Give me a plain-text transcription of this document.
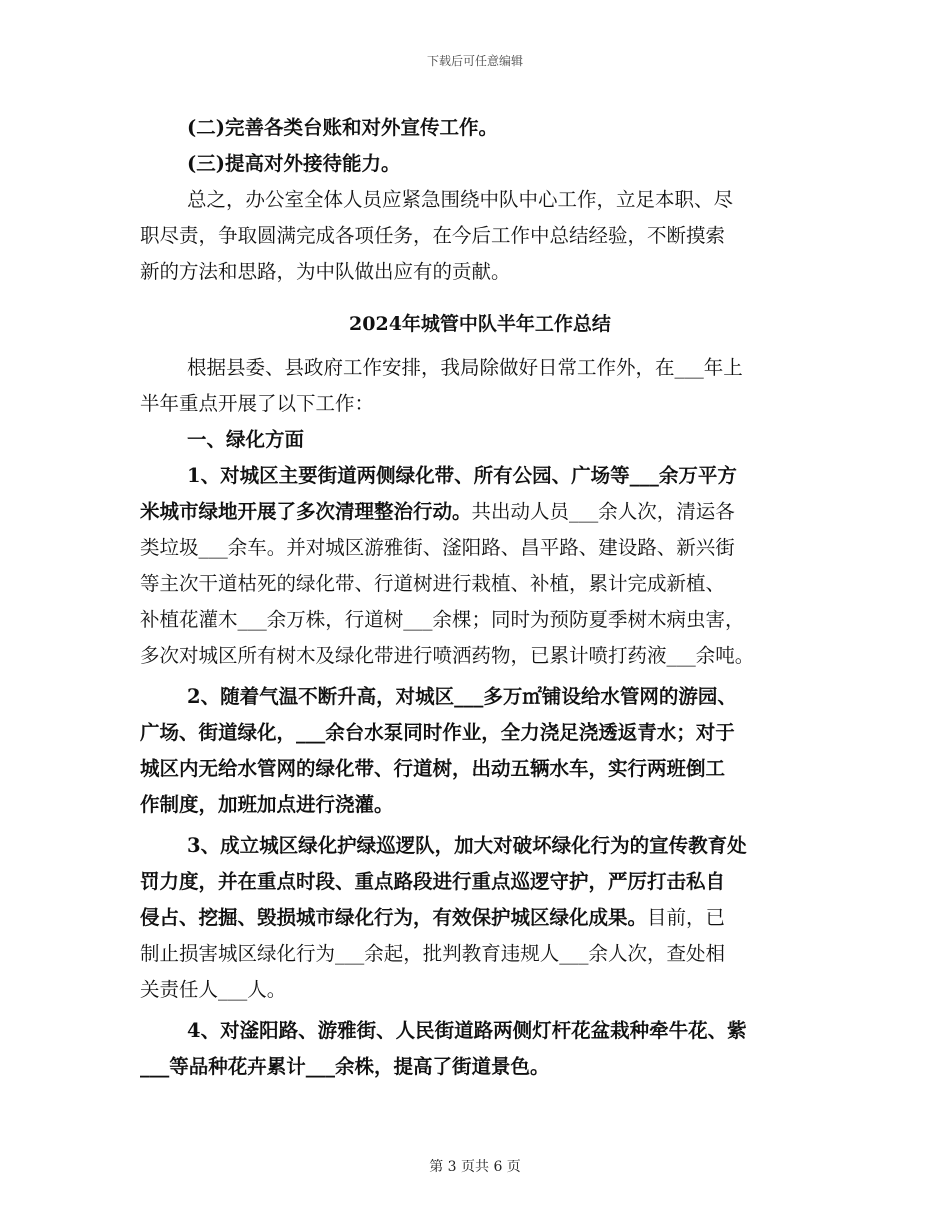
下载后可任意编辑
(二)完善各类台账和对外宣传工作。
(三)提高对外接待能力。
总之，办公室全体人员应紧急围绕中队中心工作，立足本职、尽
职尽责，争取圆满完成各项任务，在今后工作中总结经验，不断摸索
新的方法和思路，为中队做出应有的贡献。
2024年城管中队半年工作总结
根据县委、县政府工作安排，我局除做好日常工作外，在___年上
半年重点开展了以下工作：
一、绿化方面
1、对城区主要街道两侧绿化带、所有公园、广场等___余万平方
米城市绿地开展了多次清理整治行动。共出动人员___余人次，清运各
类垃圾___余车。并对城区游雅街、滏阳路、昌平路、建设路、新兴街
等主次干道枯死的绿化带、行道树进行栽植、补植，累计完成新植、
补植花灌木___余万株，行道树___余棵；同时为预防夏季树木病虫害，
多次对城区所有树木及绿化带进行喷洒药物，已累计喷打药液___余吨。
2、随着气温不断升高，对城区___多万㎡铺设给水管网的游园、
广场、街道绿化，___余台水泵同时作业，全力浇足浇透返青水；对于
城区内无给水管网的绿化带、行道树，出动五辆水车，实行两班倒工
作制度，加班加点进行浇灌。
3、成立城区绿化护绿巡逻队，加大对破坏绿化行为的宣传教育处
罚力度，并在重点时段、重点路段进行重点巡逻守护，严厉打击私自
侵占、挖掘、毁损城市绿化行为，有效保护城区绿化成果。目前，已
制止损害城区绿化行为___余起，批判教育违规人___余人次，查处相
关责任人___人。
4、对滏阳路、游雅街、人民街道路两侧灯杆花盆栽种牵牛花、紫
___等品种花卉累计___余株，提高了街道景色。
第 3 页共 6 页
